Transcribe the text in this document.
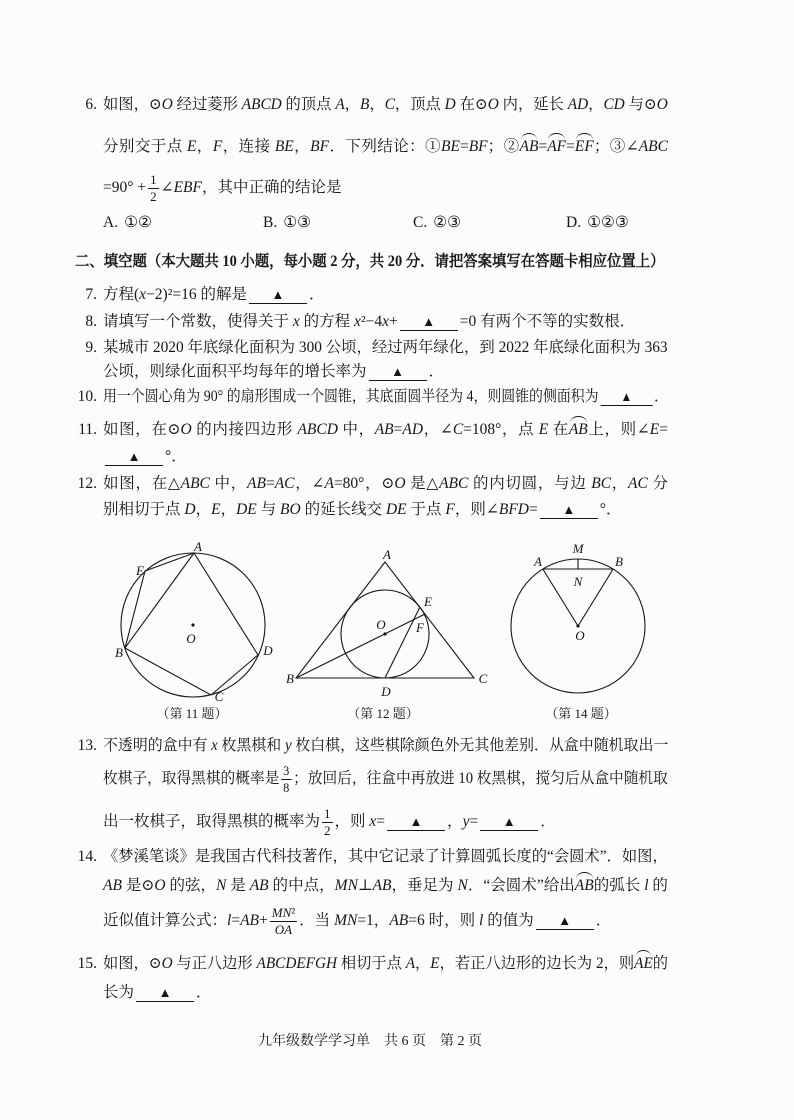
二、填空题（本大题共 10 小题，每小题 2 分，共 20 分．请把答案填写在答题卡相应位置上）
A
E
O
B	D
C
A
E
O F
B
D
C
A
M
B
N
O
（第 11 题）	（第 12 题）	（第 14 题）
九年级数学学习单　共 6 页　第 2 页
6. 如图，⊙O 经过菱形 ABCD 的顶点 A，B，C，顶点 D 在⊙O 内，延长 AD，CD 与⊙O
分别交于点 E，F，连接 BE，BF．下列结论：①BE=BF；②AB=AF=EF；③∠ABC
$=90^\circ + \frac{1}{2}$ ∠EBF，其中正确的结论是
A. ①②	B. ①③	C. ②③	D. ①②③
7. 方程(x−2)²=16 的解是 ▲ ．
8. 请填写一个常数，使得关于 x 的方程 x²−4x+ ▲ =0 有两个不等的实数根．
9. 某城市 2020 年底绿化面积为 300 公顷，经过两年绿化，到 2022 年底绿化面积为 363
公顷，则绿化面积平均每年的增长率为 ▲ ．
10. 用一个圆心角为 90° 的扇形围成一个圆锥，其底面圆半径为 4，则圆锥的侧面积为 ▲ ．
11. 如图，在⊙O 的内接四边形 ABCD 中，AB=AD，∠C=108°，点 E 在AB上，则∠E=
▲ °．
12. 如图，在△ABC 中，AB=AC，∠A=80°，⊙O 是△ABC 的内切圆，与边 BC，AC 分
别相切于点 D，E，DE 与 BO 的延长线交 DE 于点 F，则∠BFD= ▲ °．
13. 不透明的盒中有 x 枚黑棋和 y 枚白棋，这些棋除颜色外无其他差别．从盒中随机取出一
枚棋子，取得黑棋的概率是 $\frac{3}{8}$ ；放回后，往盒中再放进 10 枚黑棋，搅匀后从盒中随机取
出一枚棋子，取得黑棋的概率为 $\frac{1}{2}$ ，则 x= ▲ ，y= ▲ ．
14. 《梦溪笔谈》是我国古代科技著作，其中它记录了计算圆弧长度的“会圆术”．如图，
AB 是⊙O 的弦，N 是 AB 的中点，MN⊥AB，垂足为 N．“会圆术”给出AB的弧长 l 的
近似值计算公式：$l=AB+ \frac{\text{MN²}}{OA}$ ．当 MN=1，AB=6 时，则 l 的值为 ▲ ．
15. 如图，⊙O 与正八边形 ABCDEFGH 相切于点 A，E，若正八边形的边长为 2，则AE的
长为 ▲ ．
